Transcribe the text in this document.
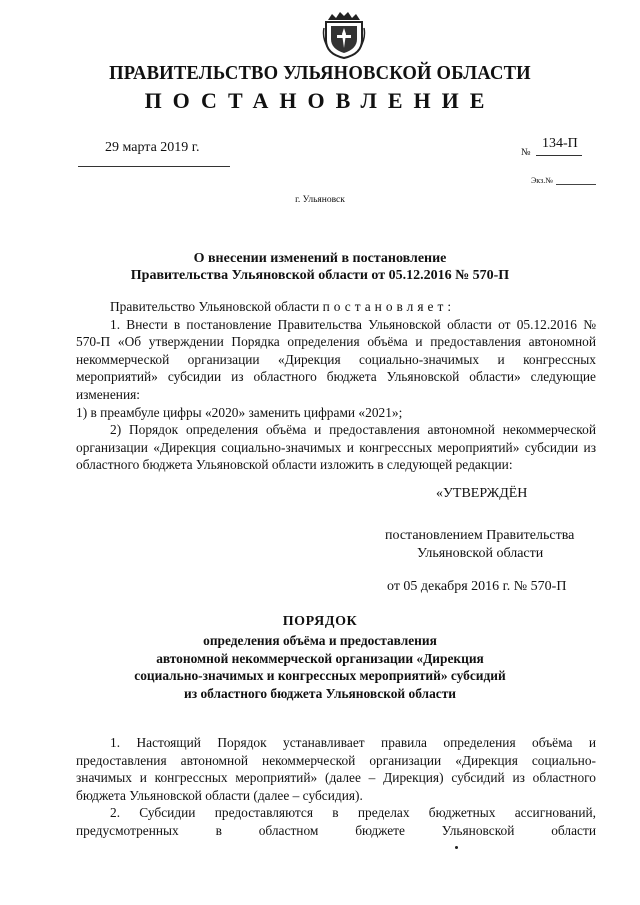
ПРАВИТЕЛЬСТВО УЛЬЯНОВСКОЙ ОБЛАСТИ
ПОСТАНОВЛЕНИЕ
29 марта 2019 г.	№
134-П
Экз.№
г. Ульяновск
О внесении изменений в постановление
Правительства Ульяновской области от 05.12.2016 № 570-П

Правительство Ульяновской области постановляет:

1. Внести в постановление Правительства Ульяновской области от 05.12.2016 № 570-П «Об утверждении Порядка определения объёма и предоставления автономной некоммерческой организации «Дирекция социально-значимых и конгрессных мероприятий» субсидии из областного бюджета Ульяновской области» следующие изменения:

1) в преамбуле цифры «2020» заменить цифрами «2021»;

2) Порядок определения объёма и предоставления автономной некоммерческой организации «Дирекция социально-значимых и конгрессных мероприятий» субсидии из областного бюджета Ульяновской области изложить в следующей редакции:

«УТВЕРЖДЁН
постановлением Правительства
Ульяновской области
от 05 декабря 2016 г. № 570-П
ПОРЯДОК
определения объёма и предоставления
автономной некоммерческой организации «Дирекция
социально-значимых и конгрессных мероприятий» субсидий
из областного бюджета Ульяновской области

1. Настоящий Порядок устанавливает правила определения объёма и предоставления автономной некоммерческой организации «Дирекция социально-значимых и конгрессных мероприятий» (далее – Дирекция) субсидий из областного бюджета Ульяновской области (далее – субсидия).

2. Субсидии предоставляются в пределах бюджетных ассигнований, предусмотренных в областном бюджете Ульяновской области
